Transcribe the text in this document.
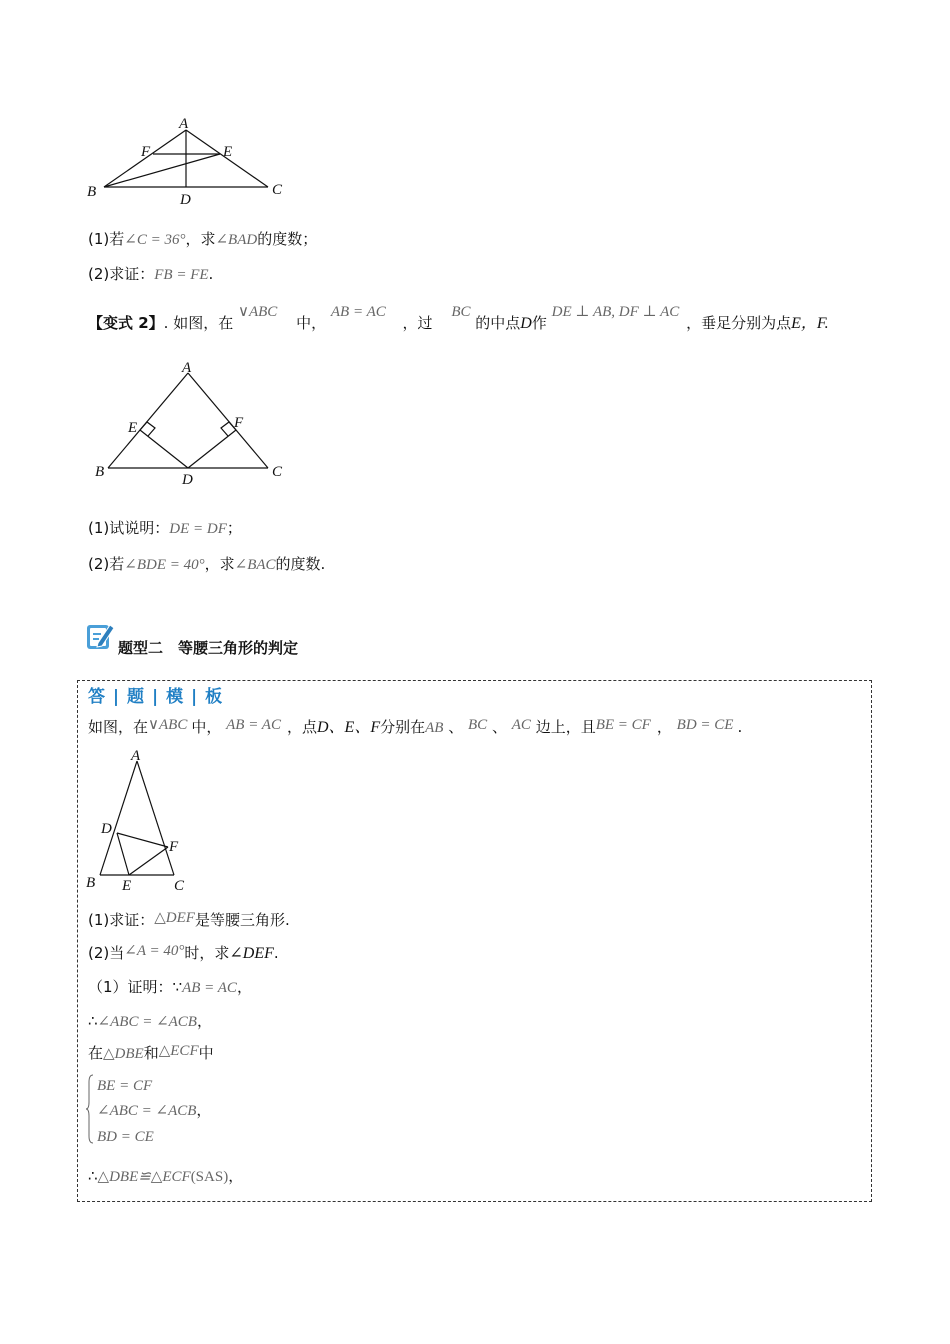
A
F	E
B	D
C
(1)若∠C = 36°，求∠BAD的度数；
(2)求证：FB = FE.
【变式 2】. 如图，在 ∨ABC 中， AB = AC ，过 BC 的中点D作 DE ⊥ AB, DF ⊥ AC ，垂足分别为点E，F.
A
E	F
B	D	C
(1)试说明：DE = DF；
(2)若∠BDE = 40°，求∠BAC的度数.
题型二　等腰三角形的判定
答 | 题 | 模 | 板
如图，在∨ABC 中， AB = AC ，点D、E、F分别在AB 、 BC 、 AC 边上，且BE = CF ， BD = CE .
A
D
F
B E	C
(1)求证：△DEF是等腰三角形.
(2)当∠A = 40°时，求∠DEF.
（1）证明：∵AB = AC，
∴∠ABC = ∠ACB，
在△DBE和△ECF中
BE = CF
∠ABC = ∠ACB，
BD = CE
∴△DBE≌△ECF(SAS)，
